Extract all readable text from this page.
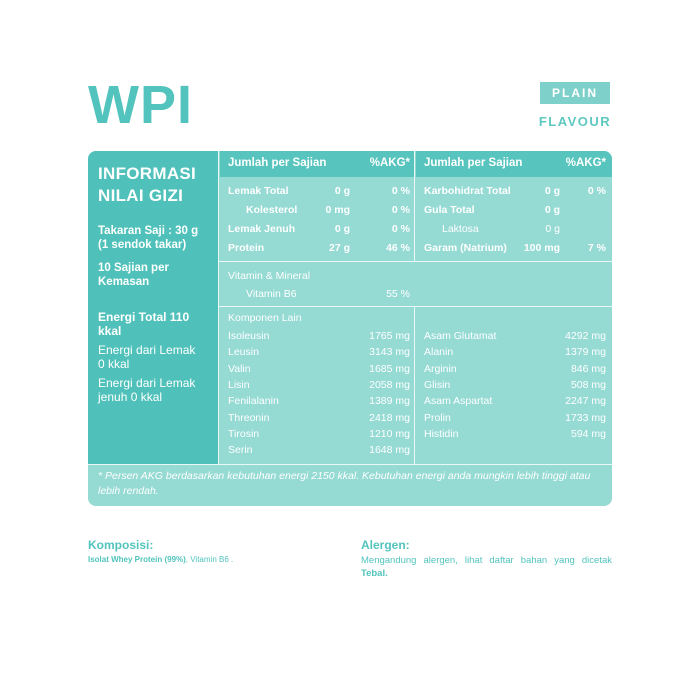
WPI	PLAIN
FLAVOUR
INFORMASI
NILAI GIZI
Takaran Saji : 30 g
(1 sendok takar)
10 Sajian per
Kemasan
Energi Total 110
kkal
Energi dari Lemak
0 kkal
Energi dari Lemak
jenuh 0 kkal
Jumlah per Sajian	%AKG* Jumlah per Sajian	%AKG*
Lemak Total	0 g	0 %
Kolesterol	0 mg	0 %
Lemak Jenuh	0 g	0 %
Protein	27 g	46 %
Karbohidrat Total	0 g	0 %
Gula Total	0 g
Laktosa	0 g
Garam (Natrium) 100 mg	7 %
Vitamin & Mineral
Vitamin B6	55 %
Komponen Lain
Isoleusin	1765 mg
Leusin	3143 mg
Valin	1685 mg
Lisin	2058 mg
Fenilalanin	1389 mg
Threonin	2418 mg
Tirosin	1210 mg
Serin	1648 mg
Asam Glutamat	4292 mg
Alanin	1379 mg
Arginin	846 mg
Glisin	508 mg
Asam Aspartat	2247 mg
Prolin	1733 mg
Histidin	594 mg
* Persen AKG berdasarkan kebutuhan energi 2150 kkal. Kebutuhan energi anda mungkin lebih tinggi atau lebih rendah.
Komposisi:
Isolat Whey Protein (99%), Vitamin B6 .
Alergen:
Mengandung alergen, lihat daftar bahan yang dicetak Tebal.
